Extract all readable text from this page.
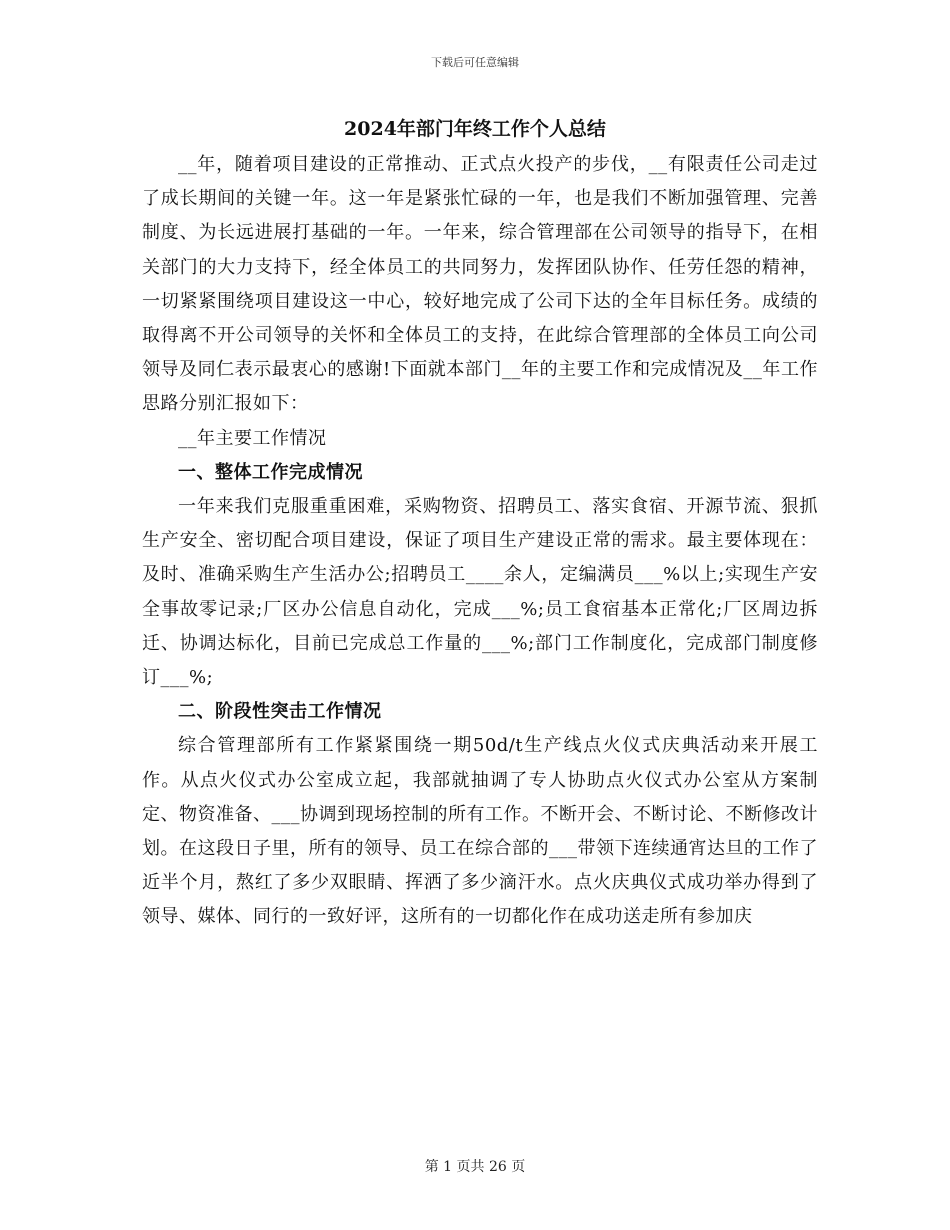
下载后可任意编辑
2024年部门年终工作个人总结

__年，随着项目建设的正常推动、正式点火投产的步伐，__有限责任公司走过了成长期间的关键一年。这一年是紧张忙碌的一年，也是我们不断加强管理、完善制度、为长远进展打基础的一年。一年来，综合管理部在公司领导的指导下，在相关部门的大力支持下，经全体员工的共同努力，发挥团队协作、任劳任怨的精神，一切紧紧围绕项目建设这一中心，较好地完成了公司下达的全年目标任务。成绩的取得离不开公司领导的关怀和全体员工的支持，在此综合管理部的全体员工向公司领导及同仁表示最衷心的感谢!下面就本部门__年的主要工作和完成情况及__年工作思路分别汇报如下：

__年主要工作情况

一、整体工作完成情况

一年来我们克服重重困难，采购物资、招聘员工、落实食宿、开源节流、狠抓生产安全、密切配合项目建设，保证了项目生产建设正常的需求。最主要体现在：及时、准确采购生产生活办公;招聘员工____余人，定编满员___%以上;实现生产安全事故零记录;厂区办公信息自动化，完成___%;员工食宿基本正常化;厂区周边拆迁、协调达标化，目前已完成总工作量的___%;部门工作制度化，完成部门制度修订___%;

二、阶段性突击工作情况

综合管理部所有工作紧紧围绕一期50d/t生产线点火仪式庆典活动来开展工作。从点火仪式办公室成立起，我部就抽调了专人协助点火仪式办公室从方案制定、物资准备、___协调到现场控制的所有工作。不断开会、不断讨论、不断修改计划。在这段日子里，所有的领导、员工在综合部的___带领下连续通宵达旦的工作了近半个月，熬红了多少双眼睛、挥洒了多少滴汗水。点火庆典仪式成功举办得到了领导、媒体、同行的一致好评，这所有的一切都化作在成功送走所有参加庆

第 1 页共 26 页
